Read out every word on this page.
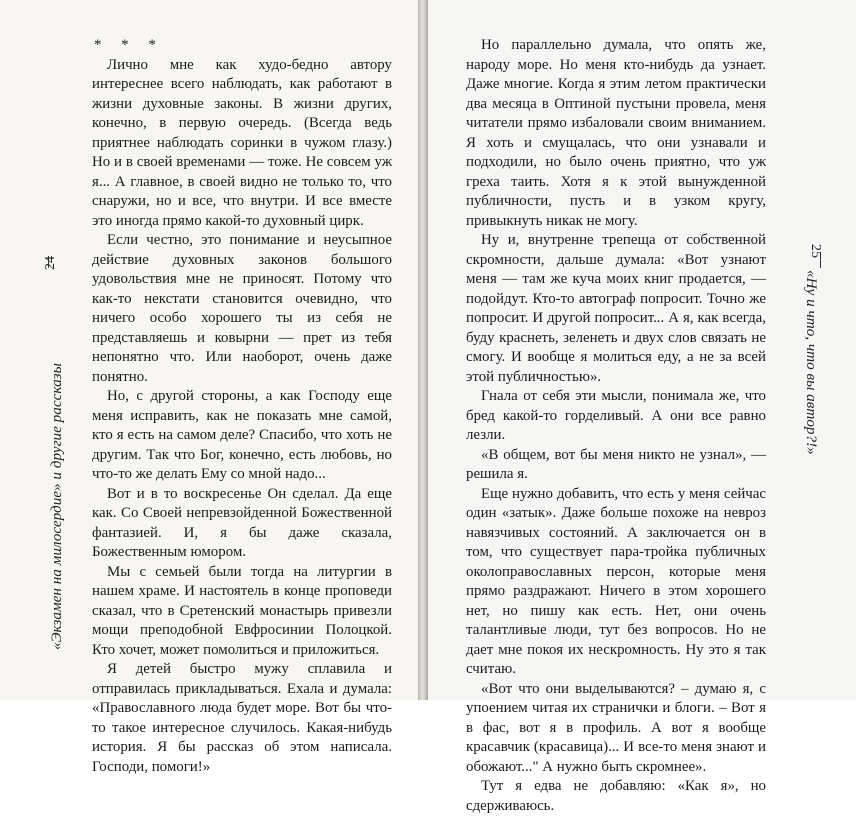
24
«Экзамен на милосердие» и другие рассказы

* * *

Лично мне как худо-бедно автору интереснее всего наблюдать, как работают в жизни духовные законы. В жизни других, конечно, в первую очередь. (Всегда ведь приятнее наблюдать соринки в чужом глазу.) Но и в своей временами — тоже. Не совсем уж я... А главное, в своей видно не только то, что снаружи, но и все, что внутри. И все вместе это иногда прямо какой-то духовный цирк.

Если честно, это понимание и неусыпное действие духовных законов большого удовольствия мне не приносят. Потому что как-то некстати становится очевидно, что ничего особо хорошего ты из себя не представляешь и ковырни — прет из тебя непонятно что. Или наоборот, очень даже понятно.

Но, с другой стороны, а как Господу еще меня исправить, как не показать мне самой, кто я есть на самом деле? Спасибо, что хоть не другим. Так что Бог, конечно, есть любовь, но что-то же делать Ему со мной надо...

Вот и в то воскресенье Он сделал. Да еще как. Со Своей непревзойденной Божественной фантазией. И, я бы даже сказала, Божественным юмором.

Мы с семьей были тогда на литургии в нашем храме. И настоятель в конце проповеди сказал, что в Сретенский монастырь привезли мощи преподобной Евфросинии Полоцкой. Кто хочет, может помолиться и приложиться.

Я детей быстро мужу сплавила и отправилась прикладываться. Ехала и думала: «Православного люда будет море. Вот бы что-то такое интересное случилось. Какая-нибудь история. Я бы рассказ об этом написала. Господи, помоги!»

Но параллельно думала, что опять же, народу море. Но меня кто-нибудь да узнает. Даже многие. Когда я этим летом практически два месяца в Оптиной пустыни провела, меня читатели прямо избаловали своим вниманием. Я хоть и смущалась, что они узнавали и подходили, но было очень приятно, что уж греха таить. Хотя я к этой вынужденной публичности, пусть и в узком кругу, привыкнуть никак не могу.

Ну и, внутренне трепеща от собственной скромности, дальше думала: «Вот узнают меня — там же куча моих книг продается, — подойдут. Кто-то автограф попросит. Точно же попросит. И другой попросит... А я, как всегда, буду краснеть, зеленеть и двух слов связать не смогу. И вообще я молиться еду, а не за всей этой публичностью».

Гнала от себя эти мысли, понимала же, что бред какой-то горделивый. А они все равно лезли.

«В общем, вот бы меня никто не узнал», — решила я.

Еще нужно добавить, что есть у меня сейчас один «затык». Даже больше похоже на невроз навязчивых состояний. А заключается он в том, что существует пара-тройка публичных околоправославных персон, которые меня прямо раздражают. Ничего в этом хорошего нет, но пишу как есть. Нет, они очень талантливые люди, тут без вопросов. Но не дает мне покоя их нескромность. Ну это я так считаю.

«Вот что они выделываются? – думаю я, с упоением читая их странички и блоги. – Вот я в фас, вот я в профиль. А вот я вообще красавчик (красавица)... И все-то меня знают и обожают..." А нужно быть скромнее».

Тут я едва не добавляю: «Как я», но сдерживаюсь.

25
«Ну и что, что вы автор?!»
